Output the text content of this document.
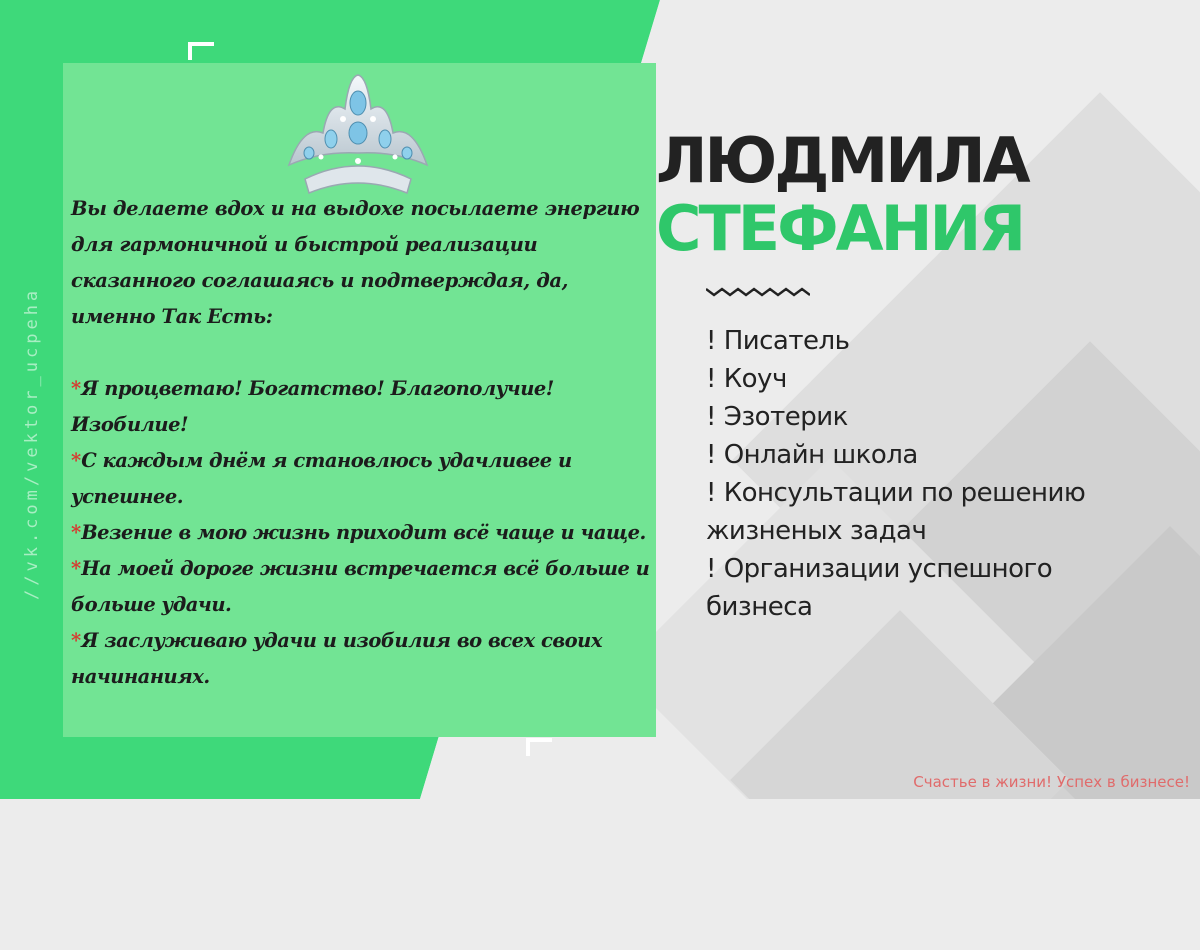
//vk.com/vektor_ucpeha

Вы делаете вдох и на выдохе посылаете энергию для гармоничной и быстрой реализации сказанного соглашаясь и подтверждая, да, именно Так Есть:

*Я процветаю! Богатство! Благополучие! Изобилие!

*С каждым днём я становлюсь удачливее и успешнее.

*Везение в мою жизнь приходит всё чаще и чаще.

*На моей дороге жизни встречается всё больше и больше удачи.

*Я заслуживаю удачи и изобилия во всех своих начинаниях.

ЛЮДМИЛА
СТЕФАНИЯ
! Писатель
! Коуч
! Эзотерик
! Онлайн школа
! Консультации по решению
жизненых задач
! Организации успешного
бизнеса
Счастье в жизни! Успех в бизнесе!
